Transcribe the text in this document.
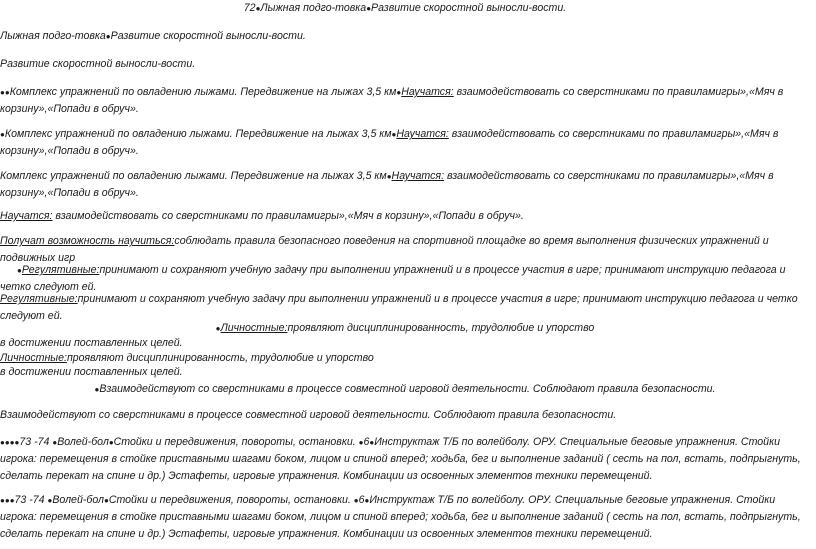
72●Лыжная подго-товка●Развитие скоростной выносли-вости.

Лыжная подго-товка●Развитие скоростной выносли-вости.

Развитие скоростной выносли-вости.

●●Комплекс упражнений по овладению лыжами. Передвижение на лыжах 3,5 км●Научатся: взаимодействовать со сверстниками по правиламигры»,«Мяч в корзину»,«Попади в обруч».

●Комплекс упражнений по овладению лыжами. Передвижение на лыжах 3,5 км●Научатся: взаимодействовать со сверстниками по правиламигры»,«Мяч в корзину»,«Попади в обруч».

Комплекс упражнений по овладению лыжами. Передвижение на лыжах 3,5 км●Научатся: взаимодействовать со сверстниками по правиламигры»,«Мяч в корзину»,«Попади в обруч».

Научатся: взаимодействовать со сверстниками по правиламигры»,«Мяч в корзину»,«Попади в обруч».

Получат возможность научиться:соблюдать правила безопасного поведения на спортивной площадке во время выполнения физических упражнений и подвижных игр

●Регулятивные:принимают и сохраняют учебную задачу при выполнении упражнений и в процессе участия в игре; принимают инструкцию педагога и четко следуют ей.

Регулятивные:принимают и сохраняют учебную задачу при выполнении упражнений и в процессе участия в игре; принимают инструкцию педагога и четко следуют ей.

●Личностные:проявляют дисциплинированность, трудолюбие и упорство

в достижении поставленных целей.

Личностные:проявляют дисциплинированность, трудолюбие и упорство

в достижении поставленных целей.

●Взаимодействуют со сверстниками в процессе совместной игровой деятельности. Соблюдают правила безопасности.

Взаимодействуют со сверстниками в процессе совместной игровой деятельности. Соблюдают правила безопасности.

●●●●73 -74 ●Волей-бол●Стойки и передвижения, повороты, остановки. ●6●Инструктаж Т/Б по волейболу. ОРУ. Специальные беговые упражнения. Стойки игрока: перемещения в стойке приставными шагами боком, лицом и спиной вперед; ходьба, бег и выполнение заданий ( сесть на пол, встать, подпрыгнуть, сделать перекат на спине и др.) Эстафеты, игровые упражнения. Комбинации из освоенных элементов техники перемещений.

●●●73 -74 ●Волей-бол●Стойки и передвижения, повороты, остановки. ●6●Инструктаж Т/Б по волейболу. ОРУ. Специальные беговые упражнения. Стойки игрока: перемещения в стойке приставными шагами боком, лицом и спиной вперед; ходьба, бег и выполнение заданий ( сесть на пол, встать, подпрыгнуть, сделать перекат на спине и др.) Эстафеты, игровые упражнения. Комбинации из освоенных элементов техники перемещений.
